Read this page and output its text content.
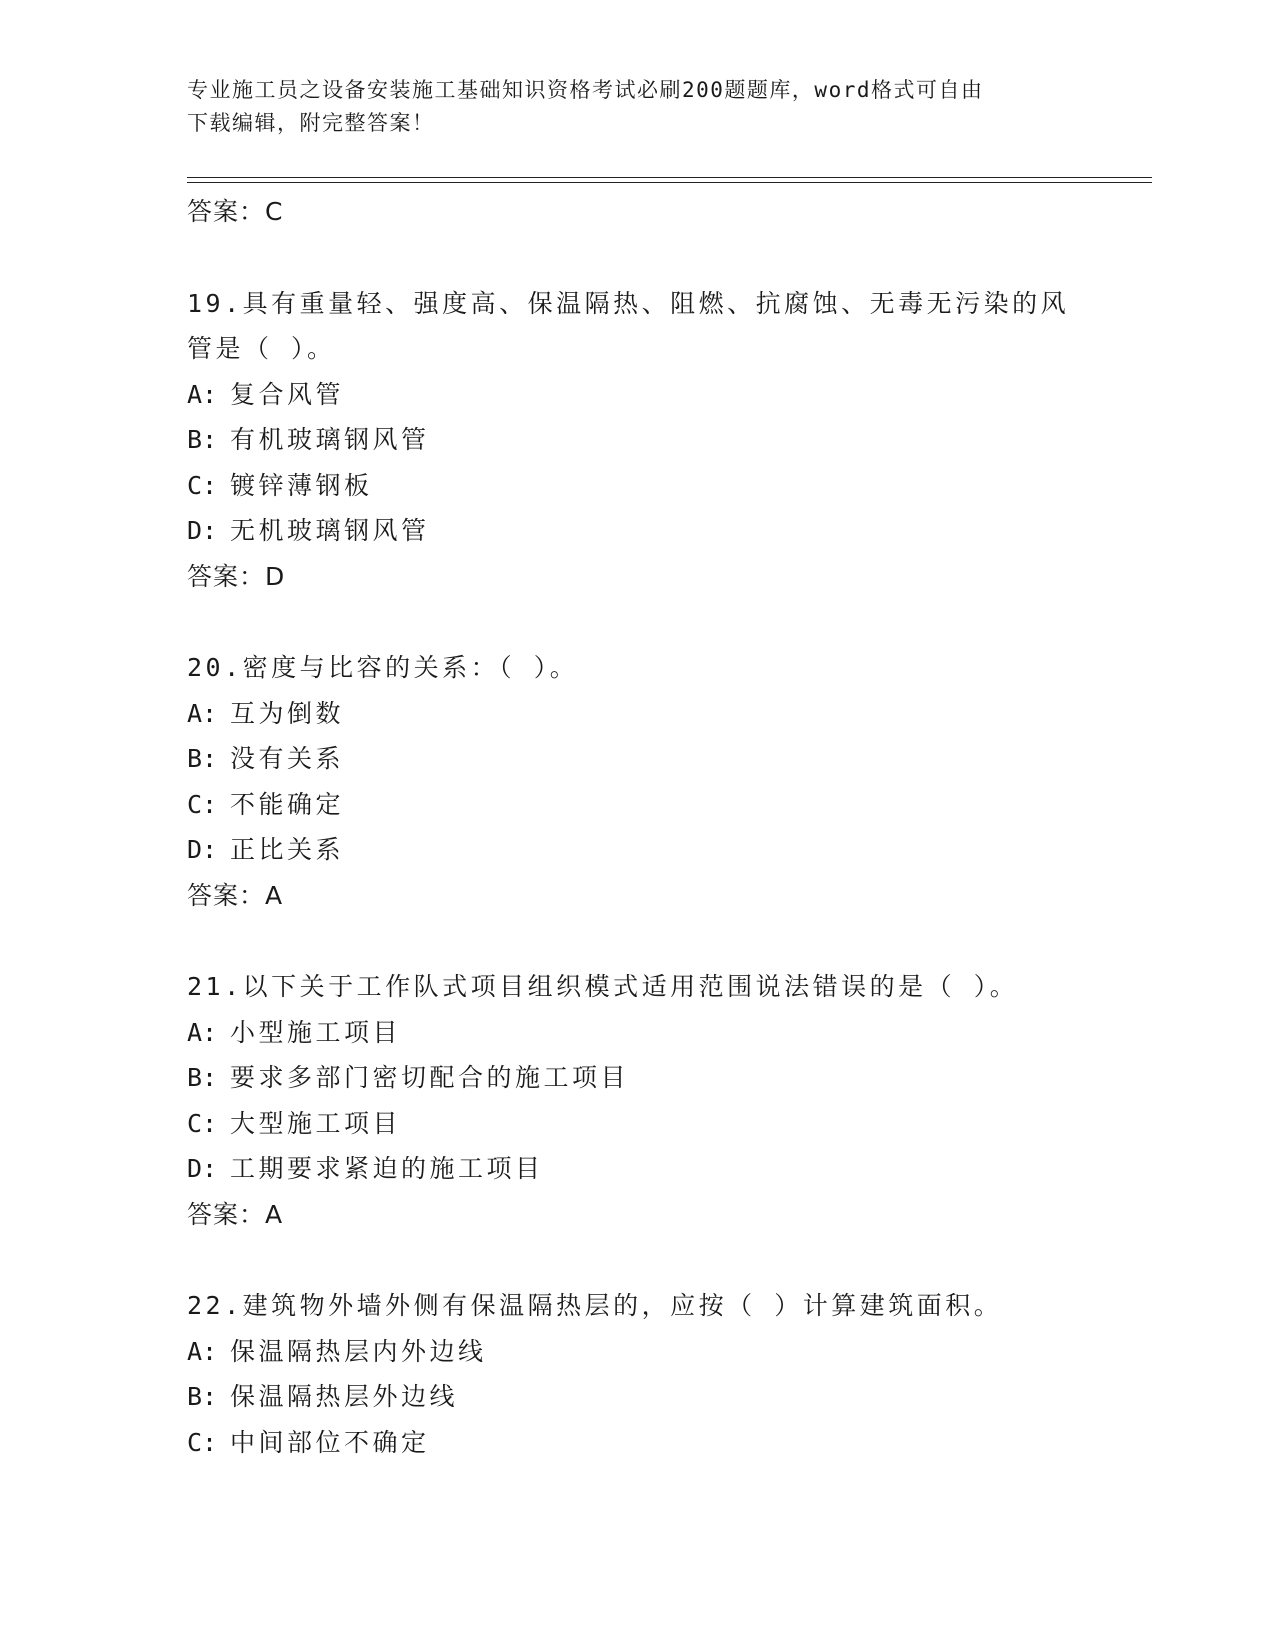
专业施工员之设备安装施工基础知识资格考试必刷200题题库，word格式可自由
下载编辑，附完整答案！
答案：C
19.具有重量轻、强度高、保温隔热、阻燃、抗腐蚀、无毒无污染的风
管是（ ）。
A: 复合风管
B: 有机玻璃钢风管
C: 镀锌薄钢板
D: 无机玻璃钢风管
答案：D
20.密度与比容的关系：（ ）。
A: 互为倒数
B: 没有关系
C: 不能确定
D: 正比关系
答案：A
21.以下关于工作队式项目组织模式适用范围说法错误的是（ ）。
A: 小型施工项目
B: 要求多部门密切配合的施工项目
C: 大型施工项目
D: 工期要求紧迫的施工项目
答案：A
22.建筑物外墙外侧有保温隔热层的，应按（ ）计算建筑面积。
A: 保温隔热层内外边线
B: 保温隔热层外边线
C: 中间部位不确定
